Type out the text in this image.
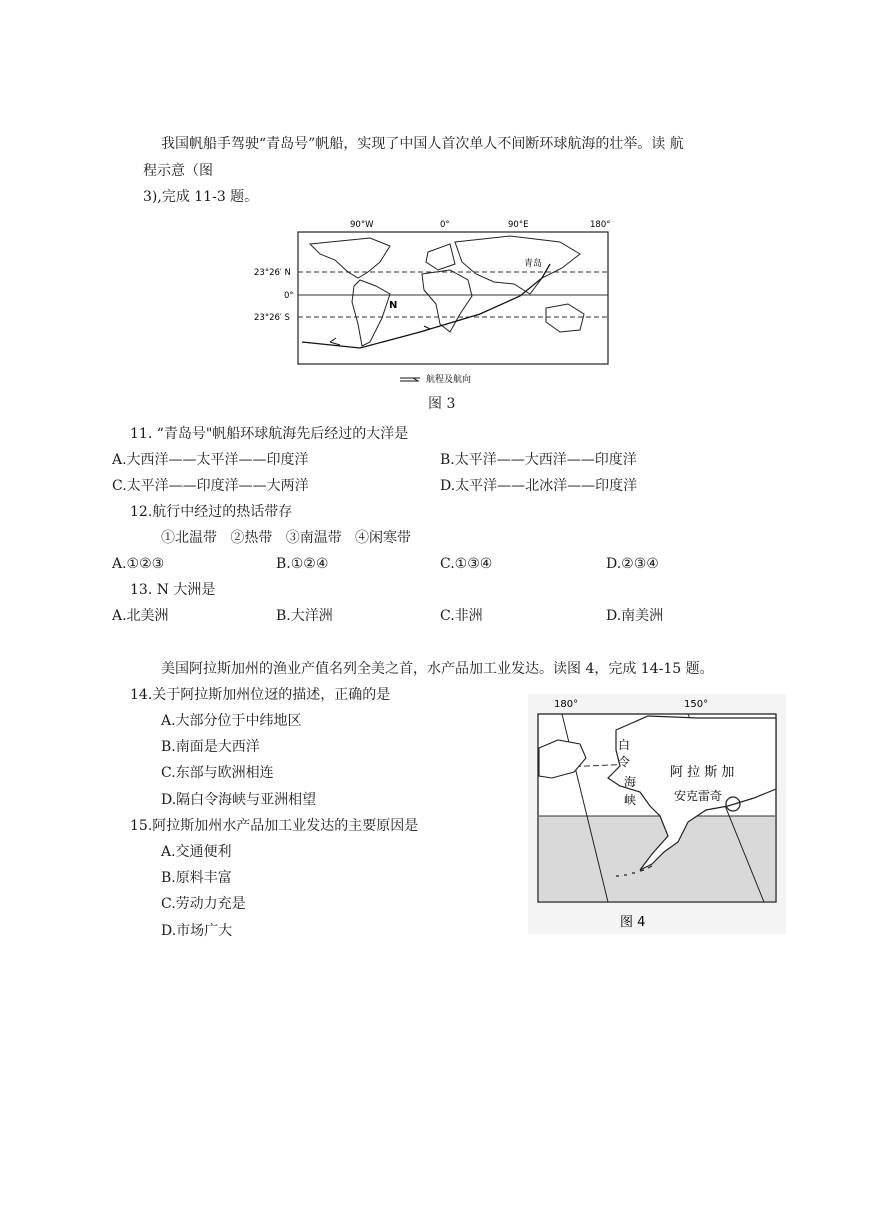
我国帆船手驾驶“青岛号”帆船，实现了中国人首次单人不间断环球航海的壮举。读 航
程示意（图
3),完成 11-3 题。
90°W	0°	90°E	180°
23°26′ N
0°
23°26′ S
青岛
N
航程及航向
图 3
11. “青岛号"帆船环球航海先后经过的大洋是
A.大西洋——太平洋——印度洋	B.太平洋——大西洋——印度洋
C.太平洋——印度洋——大两洋	D.太平洋——北冰洋——印度洋
12.航行中经过的热话带存
①北温带   ②热带   ③南温带   ④闲寒带
A.①②③	B.①②④	C.①③④	D.②③④
13. N 大洲是
A.北美洲	B.大洋洲	C.非洲	D.南美洲
美国阿拉斯加州的渔业产值名列全美之首，水产品加工业发达。读图 4，完成 14-15 题。
14.关于阿拉斯加州位迓的描述，正确的是
A.大部分位于中纬地区
B.南面是大西洋
C.东部与欧洲相连
D.隔白令海峡与亚洲相望
15.阿拉斯加州水产品加工业发达的主要原因是
A.交通便利
B.原料丰富
C.劳动力充是
D.市场广大
180°	150°
白
令
海
峡
阿 拉 斯 加
安克雷奇
图 4
